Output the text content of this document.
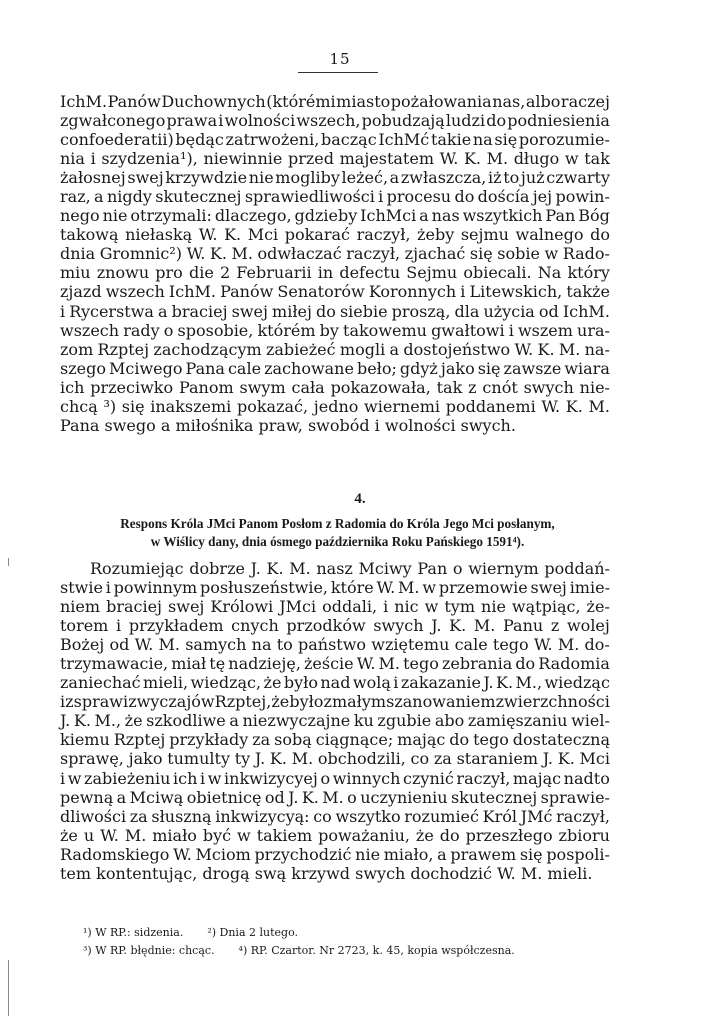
15
IchM. Panów Duchownych (którémi miasto pożałowania nas, albo raczej
zgwałconego prawa i wolności wszech, pobudzają ludzi do podniesienia
confoederatii) będąc zatrwożeni, bacząc IchMć takie na się porozumie-
nia i szydzenia¹), niewinnie przed majestatem W. K. M. długo w tak
żałosnej swej krzywdzie nie mogliby leżeć, a zwłaszcza, iż to już czwarty
raz, a nigdy skutecznej sprawiedliwości i procesu do doścía jej powin-
nego nie otrzymali: dlaczego, gdzieby IchMci a nas wszytkich Pan Bóg
takową niełaską W. K. Mci pokarać raczył, żeby sejmu walnego do
dnia Gromnic²) W. K. M. odwłaczać raczył, zjachać się sobie w Rado-
miu znowu pro die 2 Februarii in defectu Sejmu obiecali. Na który
zjazd wszech IchM. Panów Senatorów Koronnych i Litewskich, także
i Rycerstwa a braciej swej miłej do siebie proszą, dla użycia od IchM.
wszech rady o sposobie, którém by takowemu gwałtowi i wszem ura-
zom Rzptej zachodzącym zabieżeć mogli a dostojeństwo W. K. M. na-
szego Mciwego Pana cale zachowane beło; gdyż jako się zawsze wiara
ich przeciwko Panom swym cała pokazowała, tak z cnót swych nie-
chcą ³) się inakszemi pokazać, jedno wiernemi poddanemi W. K. M.
Pana swego a miłośnika praw, swobód i wolności swych.
4.
Respons Króla JMci Panom Posłom z Radomia do Króla Jego Mci posłanym,
w Wiślicy dany, dnia ósmego października Roku Pańskiego 1591⁴).
Rozumiejąc dobrze J. K. M. nasz Mciwy Pan o wiernym poddań-
stwie i powinnym posłuszeństwie, które W. M. w przemowie swej imie-
niem braciej swej Królowi JMci oddali, i nic w tym nie wątpiąc, że-
torem i przykładem cnych przodków swych J. K. M. Panu z wolej
Bożej od W. M. samych na to państwo wziętemu cale tego W. M. do-
trzymawacie, miał tę nadzieję, żeście W. M. tego zebrania do Radomia
zaniechać mieli, wiedząc, że było nad wolą i zakazanie J. K. M., wiedząc
i z spraw i zwyczajów Rzptej, że było z małym szanowaniem zwierzchności
J. K. M., że szkodliwe a niezwyczajne ku zgubie abo zamięszaniu wiel-
kiemu Rzptej przykłady za sobą ciągnące; mając do tego dostateczną
sprawę, jako tumulty ty J. K. M. obchodzili, co za staraniem J. K. Mci
i w zabieżeniu ich i w inkwizycyej o winnych czynić raczył, mając nadto
pewną a Mciwą obietnicę od J. K. M. o uczynieniu skutecznej sprawie-
dliwości za słuszną inkwizycyą: co wszytko rozumieć Król JMć raczył,
że u W. M. miało być w takiem poważaniu, że do przeszłego zbioru
Radomskiego W. Mciom przychodzić nie miało, a prawem się pospoli-
tem kontentując, drogą swą krzywd swych dochodzić W. M. mieli.
¹) W RP.: sidzenia. ²) Dnia 2 lutego.
³) W RP. błędnie: chcąc. ⁴) RP. Czartor. Nr 2723, k. 45, kopia współczesna.
